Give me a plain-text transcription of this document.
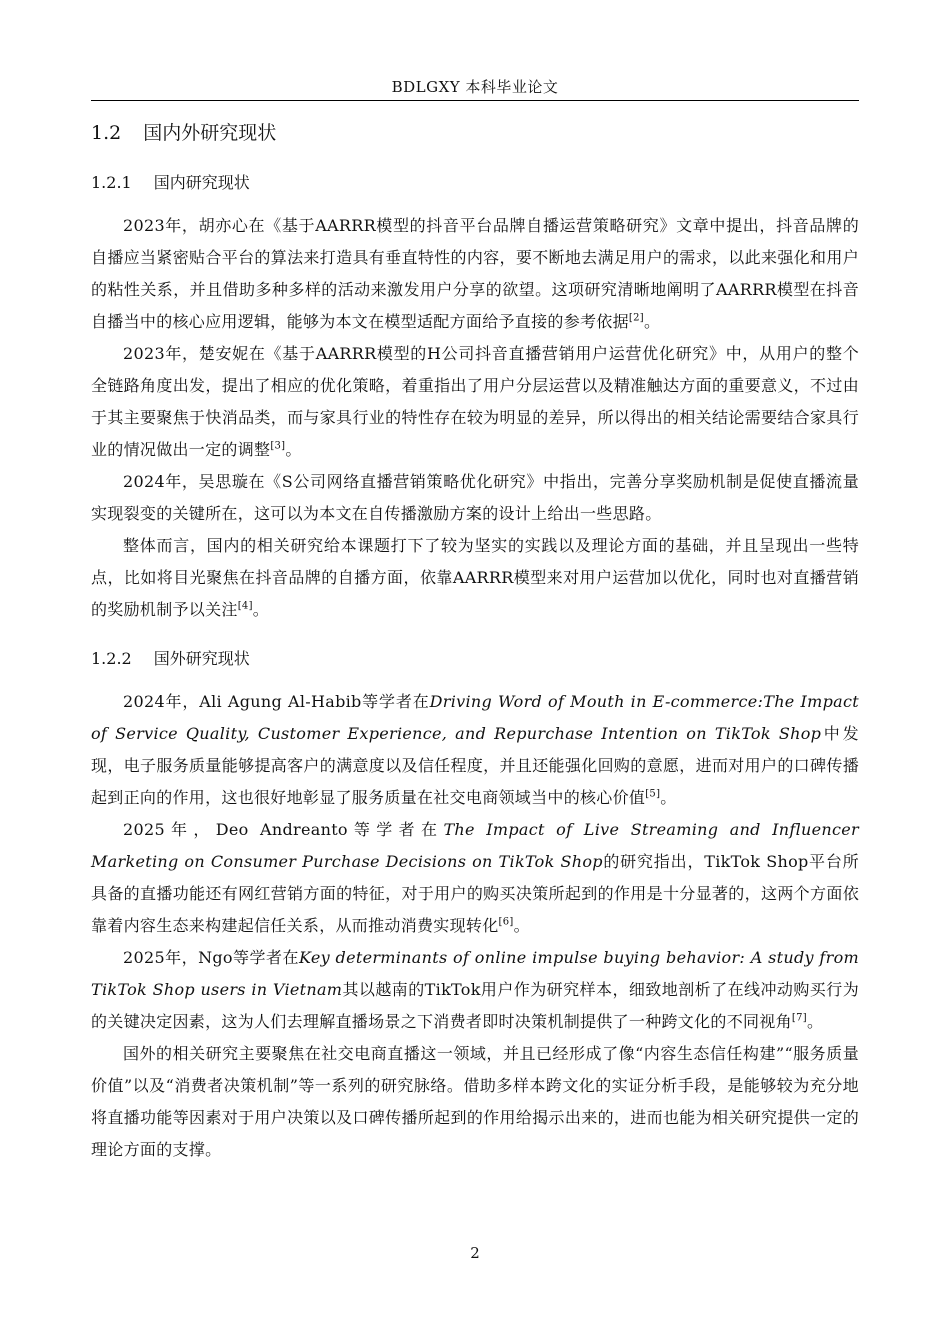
BDLGXY 本科毕业论文
1.2 国内外研究现状
1.2.1 国内研究现状

2023年，胡亦心在《基于AARRR模型的抖音平台品牌自播运营策略研究》文章中提出，抖音品牌的自播应当紧密贴合平台的算法来打造具有垂直特性的内容，要不断地去满足用户的需求，以此来强化和用户的粘性关系，并且借助多种多样的活动来激发用户分享的欲望。这项研究清晰地阐明了AARRR模型在抖音自播当中的核心应用逻辑，能够为本文在模型适配方面给予直接的参考依据[2]。

2023年，楚安妮在《基于AARRR模型的H公司抖音直播营销用户运营优化研究》中，从用户的整个全链路角度出发，提出了相应的优化策略，着重指出了用户分层运营以及精准触达方面的重要意义，不过由于其主要聚焦于快消品类，而与家具行业的特性存在较为明显的差异，所以得出的相关结论需要结合家具行业的情况做出一定的调整[3]。

2024年，吴思璇在《S公司网络直播营销策略优化研究》中指出，完善分享奖励机制是促使直播流量实现裂变的关键所在，这可以为本文在自传播激励方案的设计上给出一些思路。

整体而言，国内的相关研究给本课题打下了较为坚实的实践以及理论方面的基础，并且呈现出一些特点，比如将目光聚焦在抖音品牌的自播方面，依靠AARRR模型来对用户运营加以优化，同时也对直播营销的奖励机制予以关注[4]。

1.2.2 国外研究现状

2024年，Ali Agung Al-Habib等学者在Driving Word of Mouth in E-commerce:The Impact of Service Quality, Customer Experience, and Repurchase Intention on TikTok Shop中发现，电子服务质量能够提高客户的满意度以及信任程度，并且还能强化回购的意愿，进而对用户的口碑传播起到正向的作用，这也很好地彰显了服务质量在社交电商领域当中的核心价值[5]。

2025年，Deo Andreanto等学者在The Impact of Live Streaming and Influencer Marketing on Consumer Purchase Decisions on TikTok Shop的研究指出，TikTok Shop平台所具备的直播功能还有网红营销方面的特征，对于用户的购买决策所起到的作用是十分显著的，这两个方面依靠着内容生态来构建起信任关系，从而推动消费实现转化[6]。

2025年，Ngo等学者在Key determinants of online impulse buying behavior: A study from TikTok Shop users in Vietnam其以越南的TikTok用户作为研究样本，细致地剖析了在线冲动购买行为的关键决定因素，这为人们去理解直播场景之下消费者即时决策机制提供了一种跨文化的不同视角[7]。

国外的相关研究主要聚焦在社交电商直播这一领域，并且已经形成了像“内容生态信任构建”“服务质量价值”以及“消费者决策机制”等一系列的研究脉络。借助多样本跨文化的实证分析手段，是能够较为充分地将直播功能等因素对于用户决策以及口碑传播所起到的作用给揭示出来的，进而也能为相关研究提供一定的理论方面的支撑。

2
